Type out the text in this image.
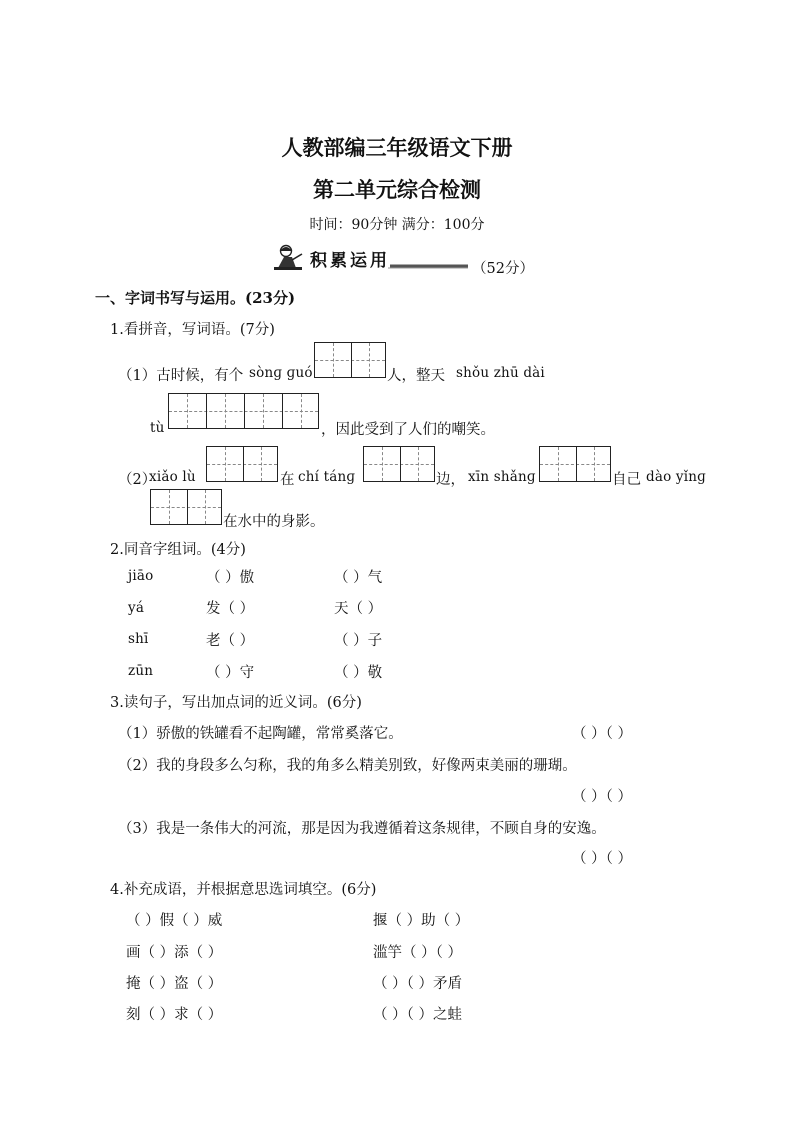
人教部编三年级语文下册
第二单元综合检测
时间：90分钟 满分：100分
积累运用	（52分）
一、字词书写与运用。(23分)
1.看拼音，写词语。(7分)
（1）古时候，有个 sònɡ ɡuó	人，整天 shǒu zhū dài
tù	，因此受到了人们的嘲笑。
（2）
xiǎo lù	在 chí tánɡ	边， xīn shǎnɡ	自己 dào yǐnɡ
在水中的身影。
2.同音字组词。(4分)
jiāo	（ ）傲	（ ）气
yá	发（ ）	天（ ）
shī	老（ ）	（ ）子
zūn	（ ）守	（ ）敬
3.读句子，写出加点词的近义词。(6分)
（1）骄傲的铁罐看不起陶罐，常常奚落它。	（ ）（ ）
（2）我的身段多么匀称，我的角多么精美别致，好像两束美丽的珊瑚。
（ ）（ ）
（3）我是一条伟大的河流，那是因为我遵循着这条规律，不顾自身的安逸。
（ ）（ ）
4.补充成语，并根据意思选词填空。(6分)
（ ）假（ ）威	揠（ ）助（ ）
画（ ）添（ ）	滥竽（ ）（ ）
掩（ ）盗（ ）	（ ）（ ）矛盾
刻（ ）求（ ）	（ ）（ ）之蛙
